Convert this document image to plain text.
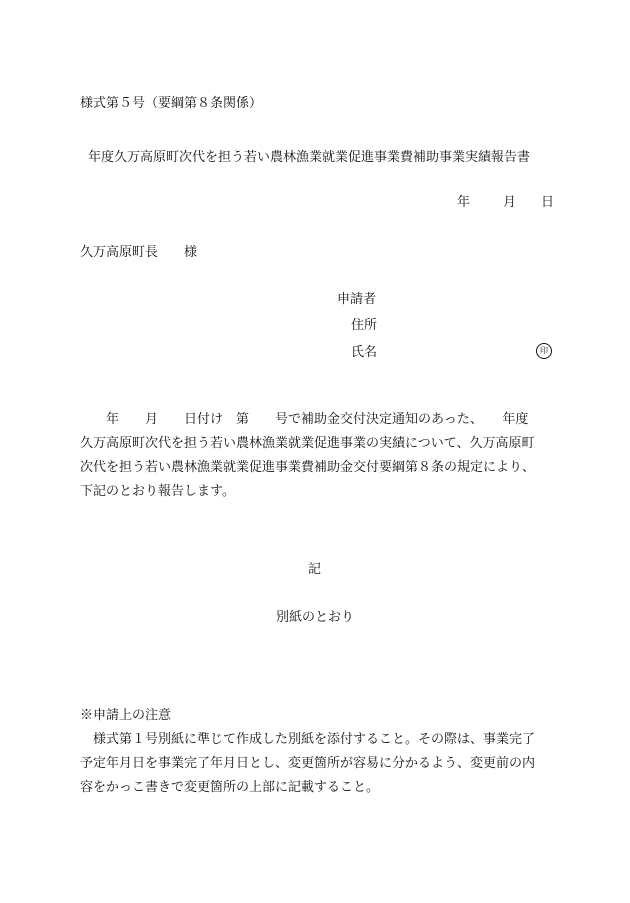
様式第５号（要綱第８条関係）
年度久万高原町次代を担う若い農林漁業就業促進事業費補助事業実績報告書
年	月	日
久万高原町長　　様
申請者
住所
氏名	印
　　年　　月　　日付け　第　　号で補助金交付決定通知のあった、　　年度
久万高原町次代を担う若い農林漁業就業促進事業の実績について、久万高原町
次代を担う若い農林漁業就業促進事業費補助金交付要綱第８条の規定により、
下記のとおり報告します。
記
別紙のとおり
※申請上の注意
　様式第１号別紙に準じて作成した別紙を添付すること。その際は、事業完了
予定年月日を事業完了年月日とし、変更箇所が容易に分かるよう、変更前の内
容をかっこ書きで変更箇所の上部に記載すること。
